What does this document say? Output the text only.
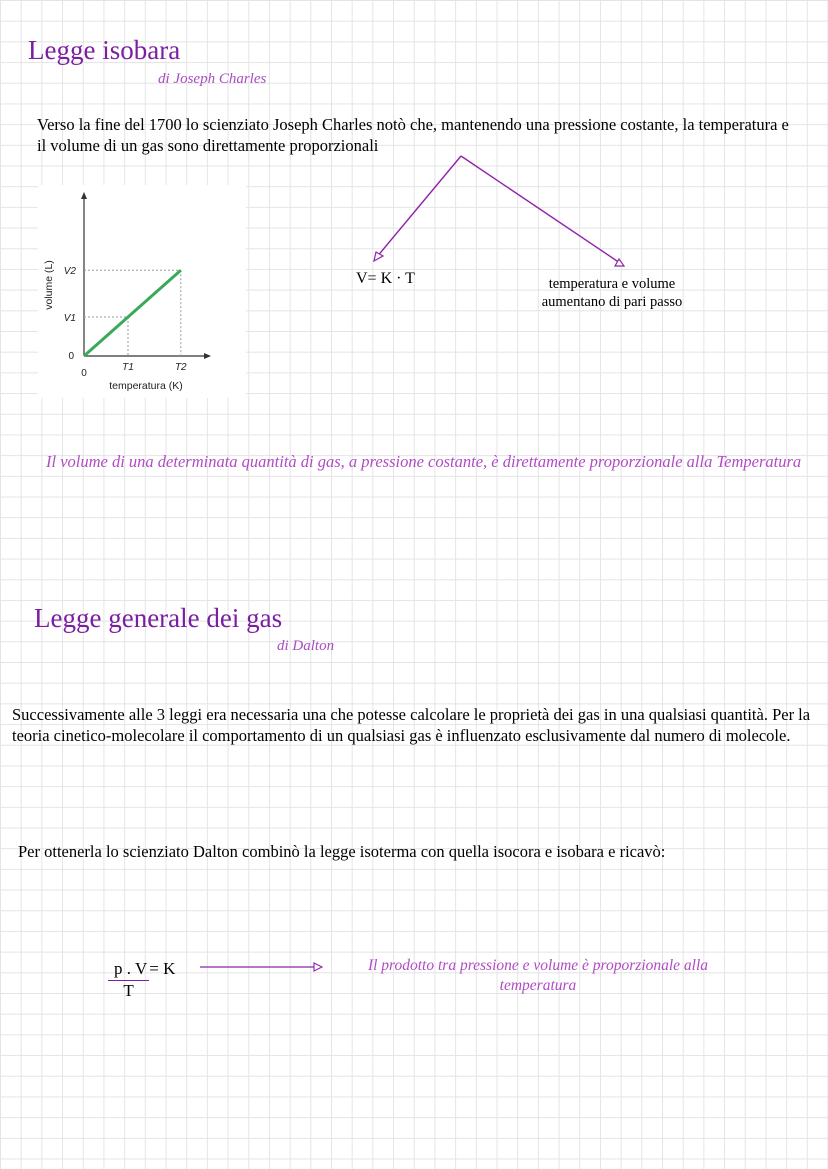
Legge isobara
di Joseph Charles
Verso la fine del 1700 lo scienziato Joseph Charles notò che, mantenendo una pressione costante, la temperatura e il volume di un gas sono direttamente proporzionali
0
T1	T2
0
V1
V2
temperatura (K)
volume (L)	V= K · T	temperatura e volume aumentano di pari passo
Il volume di una determinata quantità di gas, a pressione costante, è direttamente proporzionale alla Temperatura
Legge generale dei gas
di Dalton
Successivamente alle 3 leggi era necessaria una che potesse calcolare le proprietà dei gas in una qualsiasi quantità. Per la teoria cinetico-molecolare il comportamento di un qualsiasi gas è influenzato esclusivamente dal numero di molecole.
Per ottenerla lo scienziato Dalton combinò la legge isoterma con quella isocora e isobara e ricavò:
$\frac{p . V}{T} = K$	Il prodotto tra pressione e volume è proporzionale alla temperatura
